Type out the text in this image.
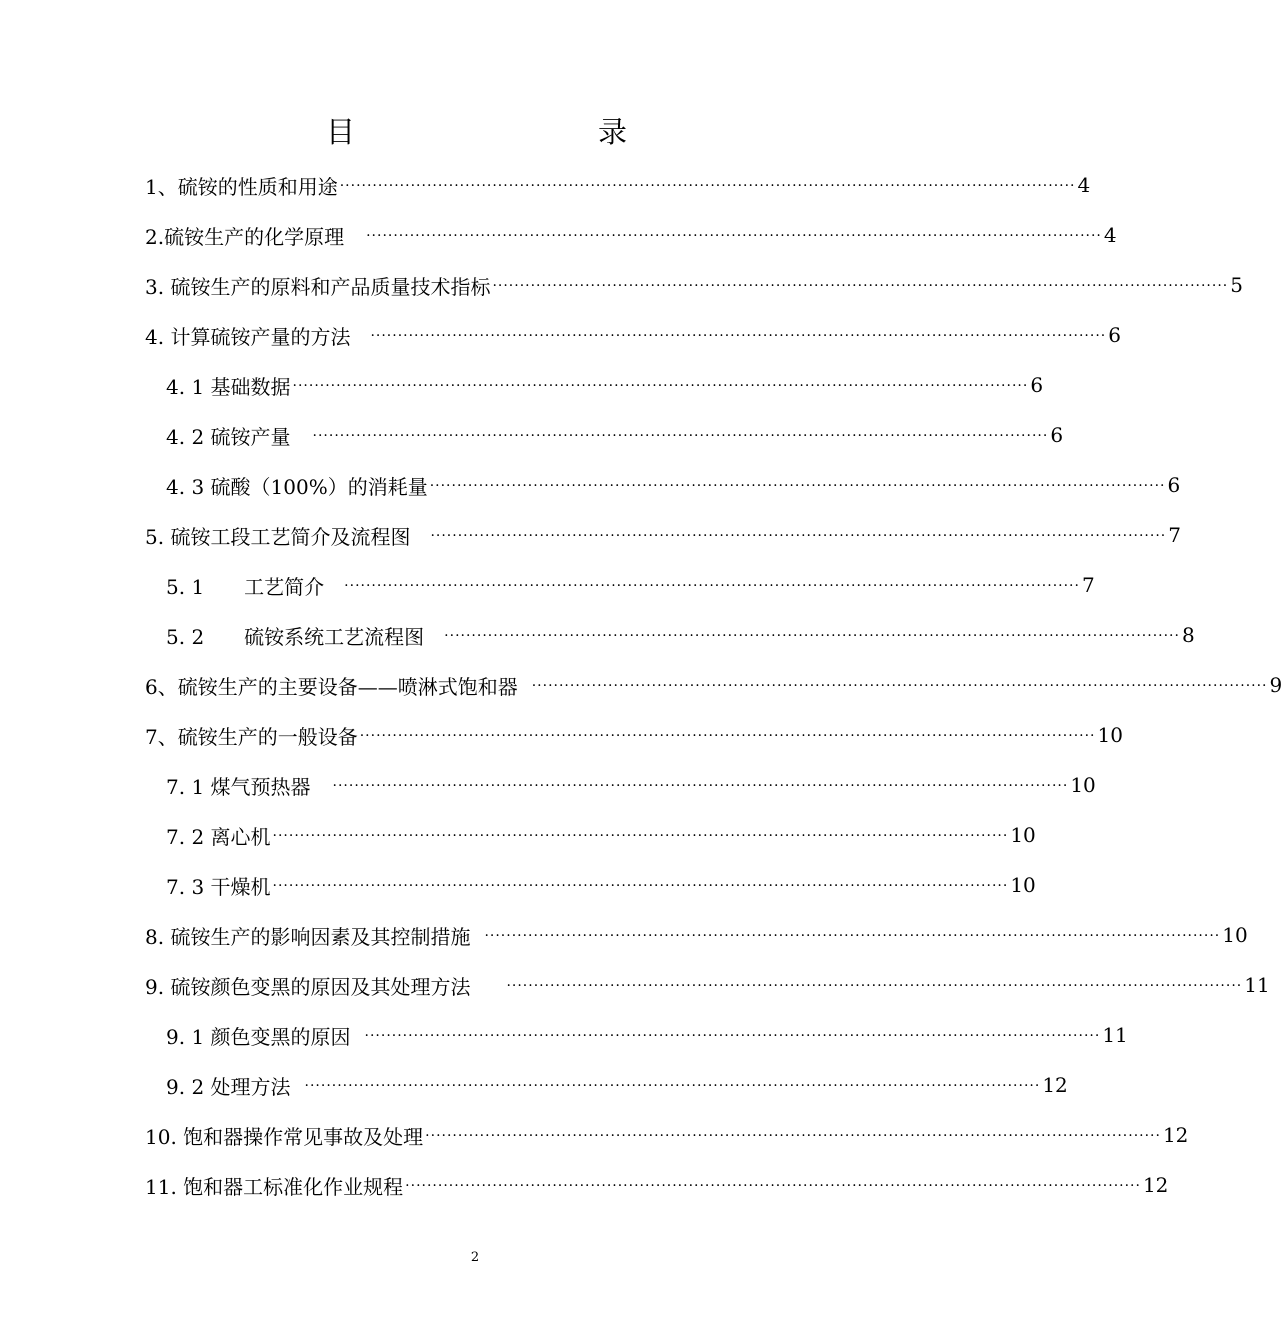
目	录
1、硫铵的性质和用途 ······································································································································· 4
2.硫铵生产的化学原理	······································································································································· 4
3. 硫铵生产的原料和产品质量技术指标 ······································································································································· 5
4. 计算硫铵产量的方法	······································································································································· 6
4. 1 基础数据 ······································································································································· 6
4. 2 硫铵产量	······································································································································· 6
4. 3 硫酸（100%）的消耗量 ······································································································································· 6
5. 硫铵工段工艺简介及流程图	······································································································································· 7
5. 1　　工艺简介	······································································································································· 7
5. 2　　硫铵系统工艺流程图	······································································································································· 8
6、硫铵生产的主要设备——喷淋式饱和器	······································································································································· 9
7、硫铵生产的一般设备 ······································································································································· 10
7. 1 煤气预热器	······································································································································· 10
7. 2 离心机 ······································································································································· 10
7. 3 干燥机 ······································································································································· 10
8. 硫铵生产的影响因素及其控制措施	······································································································································· 10
9. 硫铵颜色变黑的原因及其处理方法	······································································································································· 11
9. 1 颜色变黑的原因	······································································································································· 11
9. 2 处理方法	······································································································································· 12
10. 饱和器操作常见事故及处理 ······································································································································· 12
11. 饱和器工标准化作业规程 ······································································································································· 12
2
